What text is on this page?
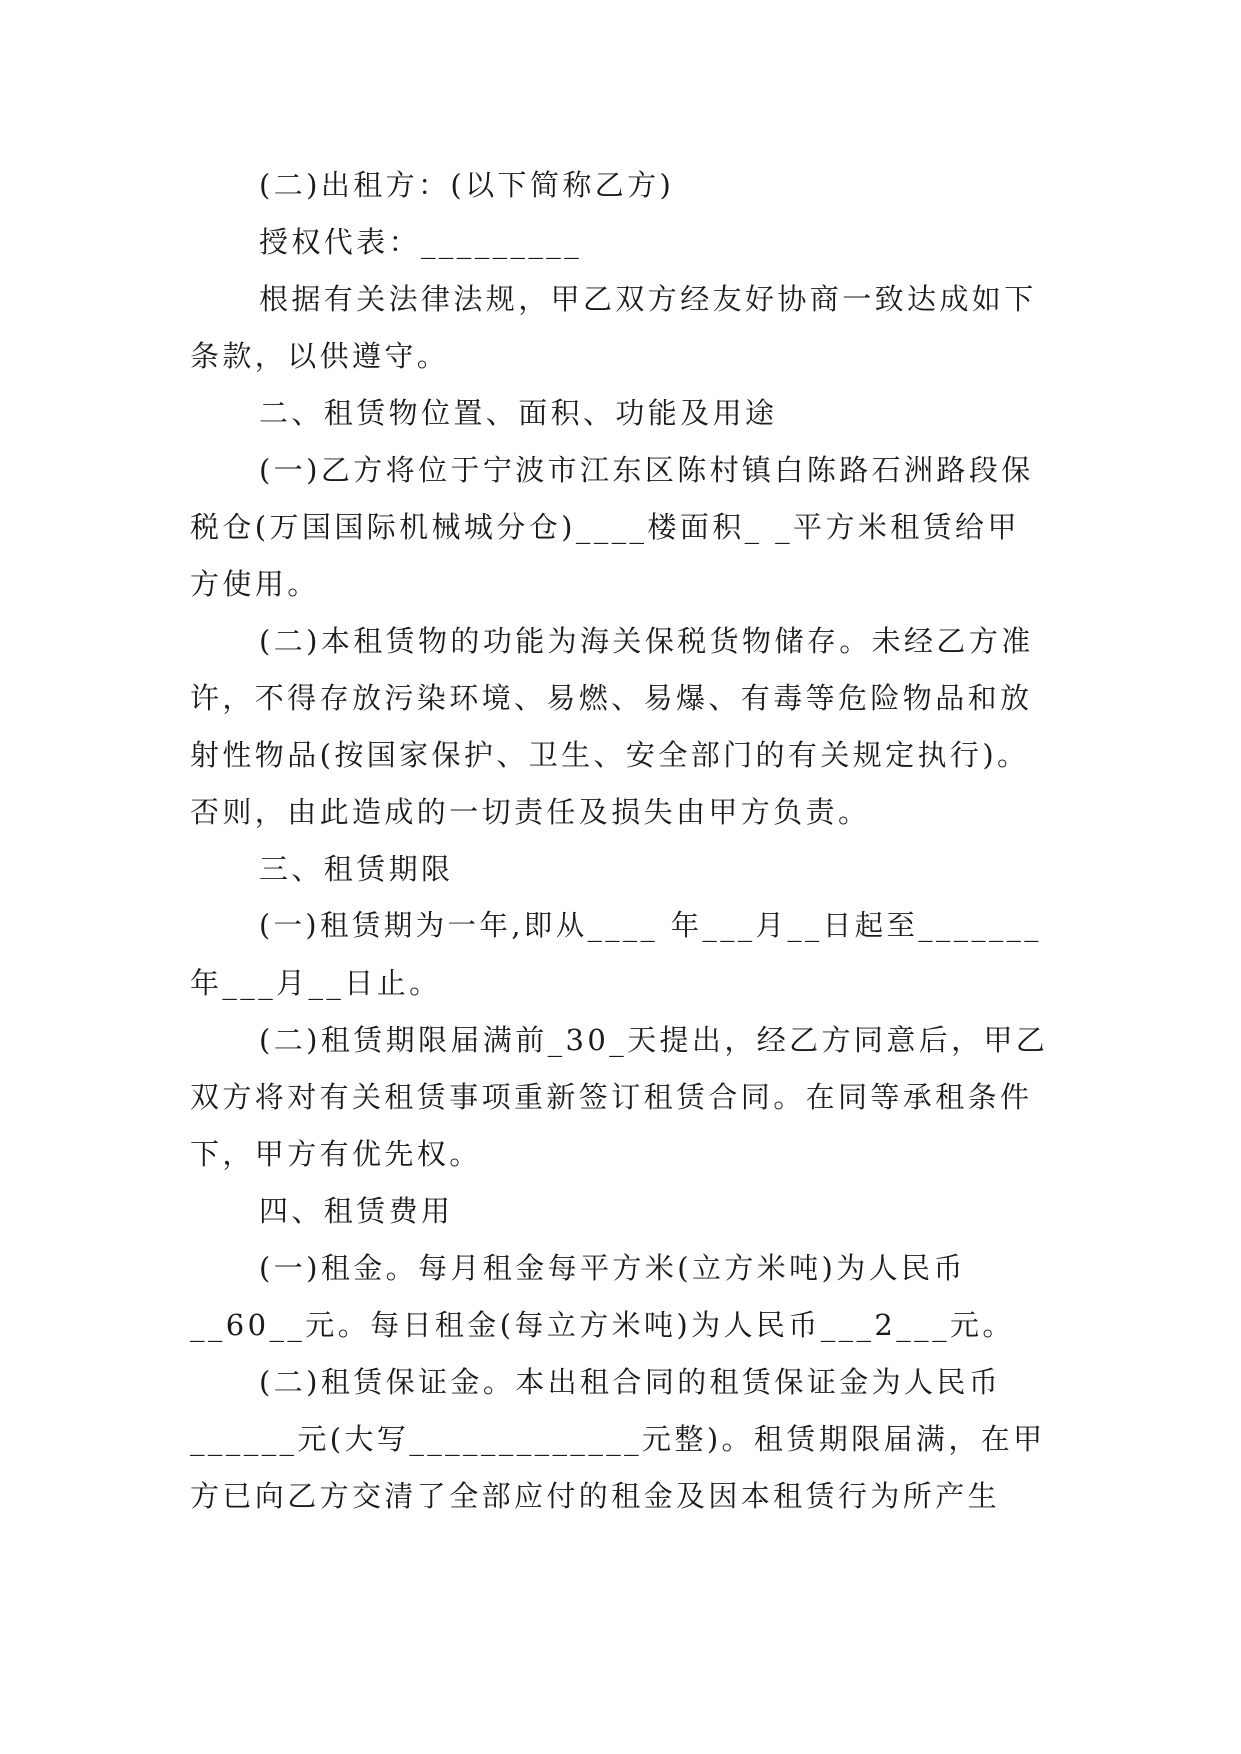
(二)出租方：(以下简称乙方)
授权代表：_________
根据有关法律法规，甲乙双方经友好协商一致达成如下
条款，以供遵守。
二、租赁物位置、面积、功能及用途
(一)乙方将位于宁波市江东区陈村镇白陈路石洲路段保
税仓(万国国际机械城分仓)____楼面积_ _平方米租赁给甲
方使用。
(二)本租赁物的功能为海关保税货物储存。未经乙方准
许，不得存放污染环境、易燃、易爆、有毒等危险物品和放
射性物品(按国家保护、卫生、安全部门的有关规定执行)。
否则，由此造成的一切责任及损失由甲方负责。
三、租赁期限
(一)租赁期为一年,即从____ 年___月__日起至_______
年___月__日止。
(二)租赁期限届满前_30_天提出，经乙方同意后，甲乙
双方将对有关租赁事项重新签订租赁合同。在同等承租条件
下，甲方有优先权。
四、租赁费用
(一)租金。每月租金每平方米(立方米吨)为人民币
__60__元。每日租金(每立方米吨)为人民币___2___元。
(二)租赁保证金。本出租合同的租赁保证金为人民币
______元(大写_____________元整)。租赁期限届满，在甲
方已向乙方交清了全部应付的租金及因本租赁行为所产生
